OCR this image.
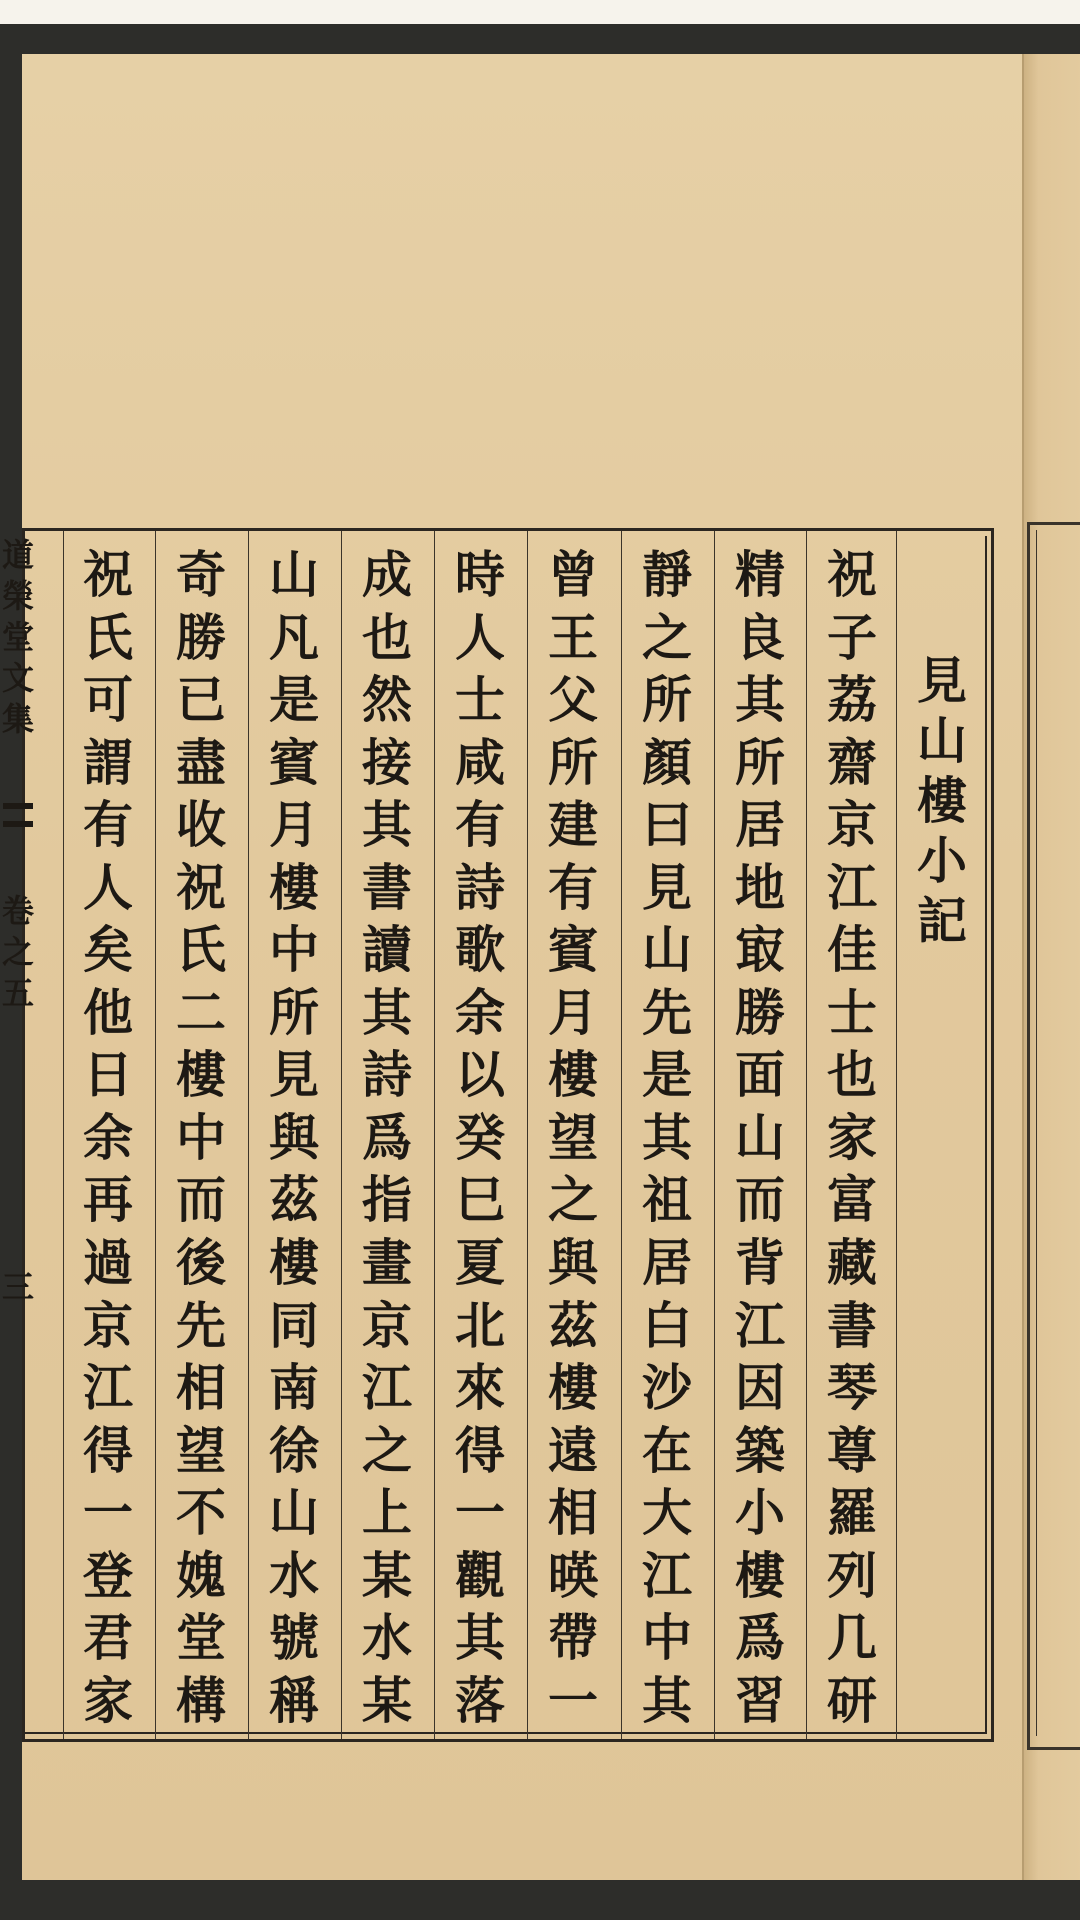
道
榮
堂
文
集
卷
之
五
三
見
山
樓
小
記
祝
子
荔
齋
京
江
佳
士
也
家
富
藏
書
琴
尊
羅
列
几
研
精
良
其
所
居
地
㝡
勝
面
山
而
背
江
因
築
小
樓
爲
習
靜
之
所
顏
曰
見
山
先
是
其
祖
居
白
沙
在
大
江
中
其
曾
王
父
所
建
有
賓
月
樓
望
之
與
茲
樓
遠
相
暎
帶
一
時
人
士
咸
有
詩
歌
余
以
癸
巳
夏
北
來
得
一
觀
其
落
成
也
然
接
其
書
讀
其
詩
爲
指
畫
京
江
之
上
某
水
某
山
凡
是
賓
月
樓
中
所
見
與
茲
樓
同
南
徐
山
水
號
稱
奇
勝
已
盡
收
祝
氏
二
樓
中
而
後
先
相
望
不
媿
堂
構
祝
氏
可
謂
有
人
矣
他
日
余
再
過
京
江
得
一
登
君
家
